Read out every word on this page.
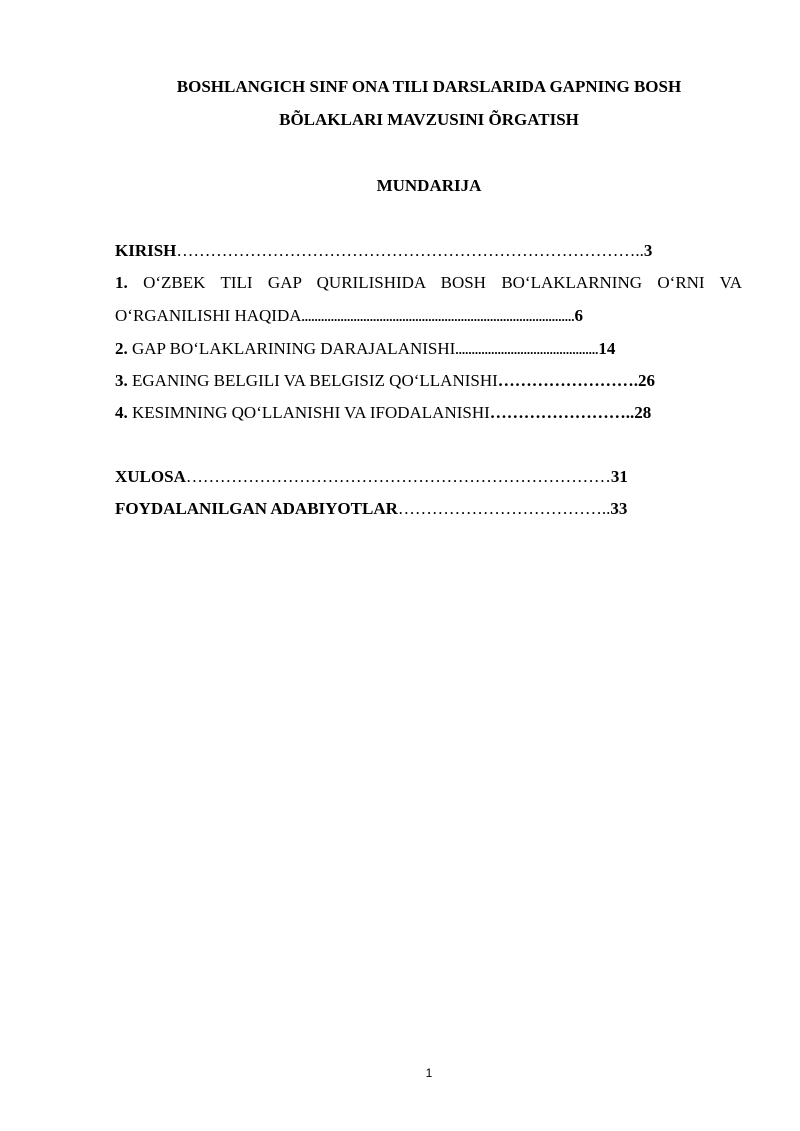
BOSHLANGICH SINF ONA TILI DARSLARIDA GAPNING BOSH
BÕLAKLARI MAVZUSINI ÕRGATISH
MUNDARIJA
KIRISH………………………………………………………………………..3
1. O‘ZBEK TILI GAP QURILISHIDA BOSH BO‘LAKLARNING O‘RNI VA
O‘RGANILISHI HAQIDA....................................................................................6
2. GAP BO‘LAKLARINING DARAJALANISHI............................................14
3. EGANING BELGILI VA BELGISIZ QO‘LLANISHI…………………….26
4. KESIMNING QO‘LLANISHI VA IFODALANISHI……………………..28
XULOSA…………………………………………………………………31
FOYDALANILGAN ADABIYOTLAR………………………………..33
1
